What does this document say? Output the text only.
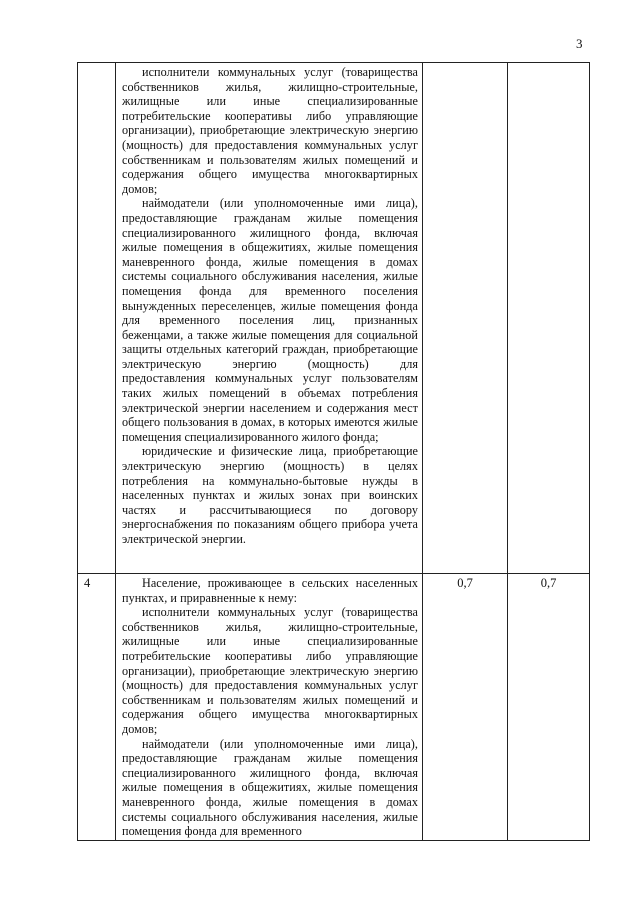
3

	исполнители коммунальных услуг (товарищества собственников жилья, жилищно-строительные, жилищные или иные специализированные потребительские кооперативы либо управляющие организации), приобретающие электрическую энергию (мощность) для предоставления коммунальных услуг собственникам и пользователям жилых помещений и содержания общего имущества многоквартирных домов;

наймодатели (или уполномоченные ими лица), предоставляющие гражданам жилые помещения специализированного жилищного фонда, включая жилые помещения в общежитиях, жилые помещения маневренного фонда, жилые помещения в домах системы социального обслуживания населения, жилые помещения фонда для временного поселения вынужденных переселенцев, жилые помещения фонда для временного поселения лиц, признанных беженцами, а также жилые помещения для социальной защиты отдельных категорий граждан, приобретающие электрическую энергию (мощность) для предоставления коммунальных услуг пользователям таких жилых помещений в объемах потребления электрической энергии населением и содержания мест общего пользования в домах, в которых имеются жилые помещения специализированного жилого фонда;

юридические и физические лица, приобретающие электрическую энергию (мощность) в целях потребления на коммунально-бытовые нужды в населенных пунктах и жилых зонах при воинских частях и рассчитывающиеся по договору энергоснабжения по показаниям общего прибора учета электрической энергии.		

4	Население, проживающее в сельских населенных пунктах, и приравненные к нему:

исполнители коммунальных услуг (товарищества собственников жилья, жилищно-строительные, жилищные или иные специализированные потребительские кооперативы либо управляющие организации), приобретающие электрическую энергию (мощность) для предоставления коммунальных услуг собственникам и пользователям жилых помещений и содержания общего имущества многоквартирных домов;

наймодатели (или уполномоченные ими лица), предоставляющие гражданам жилые помещения специализированного жилищного фонда, включая жилые помещения в общежитиях, жилые помещения маневренного фонда, жилые помещения в домах системы социального обслуживания населения, жилые помещения фонда для временного	0,7	0,7
